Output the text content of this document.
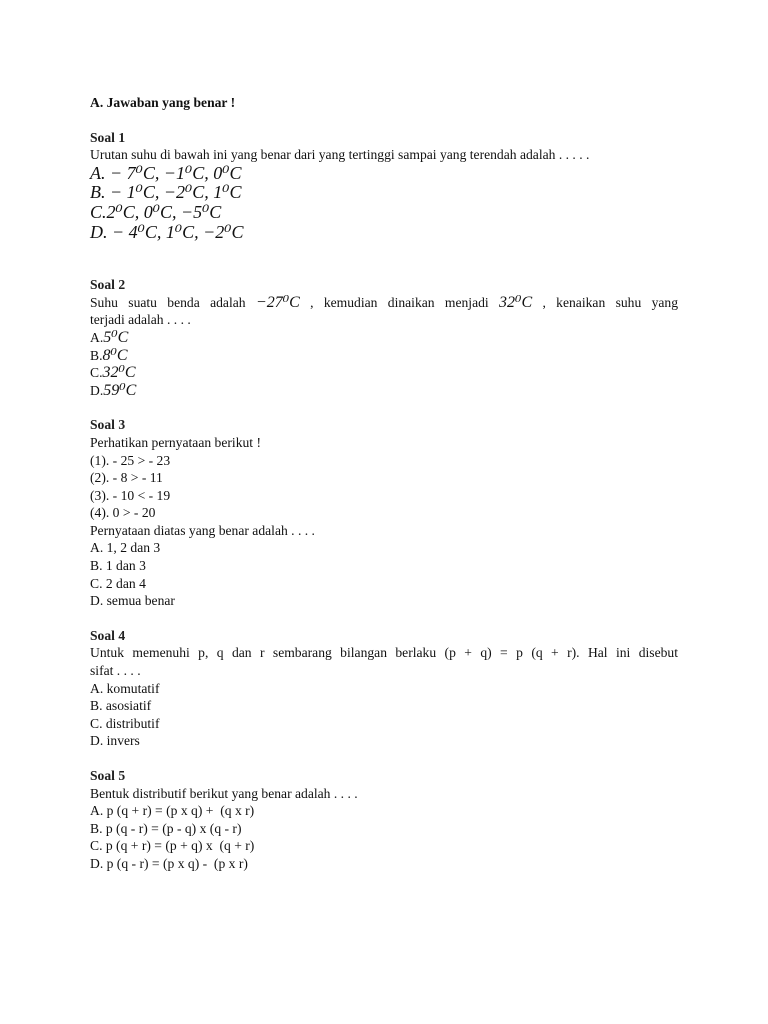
A. Jawaban yang benar !

Soal 1

Urutan suhu di bawah ini yang benar dari yang tertinggi sampai yang terendah adalah . . . . .

A. − 7⁰C, −1⁰C, 0⁰C

B. − 1⁰C, −2⁰C, 1⁰C

C.2⁰C, 0⁰C, −5⁰C

D. − 4⁰C, 1⁰C, −2⁰C

Soal 2

Suhu suatu benda adalah −27⁰C , kemudian dinaikan menjadi 32⁰C , kenaikan suhu yang

terjadi adalah . . . .

A.5⁰C

B.8⁰C

C.32⁰C

D.59⁰C

Soal 3

Perhatikan pernyataan berikut !

(1). - 25 > - 23

(2). - 8 > - 11

(3). - 10 < - 19

(4). 0 > - 20

Pernyataan diatas yang benar adalah . . . .

A. 1, 2 dan 3

B. 1 dan 3

C. 2 dan 4

D. semua benar

Soal 4

Untuk memenuhi p, q dan r sembarang bilangan berlaku (p + q) = p (q + r). Hal ini disebut

sifat . . . .

A. komutatif

B. asosiatif

C. distributif

D. invers

Soal 5

Bentuk distributif berikut yang benar adalah . . . .

A. p (q + r) = (p x q) +  (q x r)

B. p (q - r) = (p - q) x (q - r)

C. p (q + r) = (p + q) x  (q + r)

D. p (q - r) = (p x q) -  (p x r)
